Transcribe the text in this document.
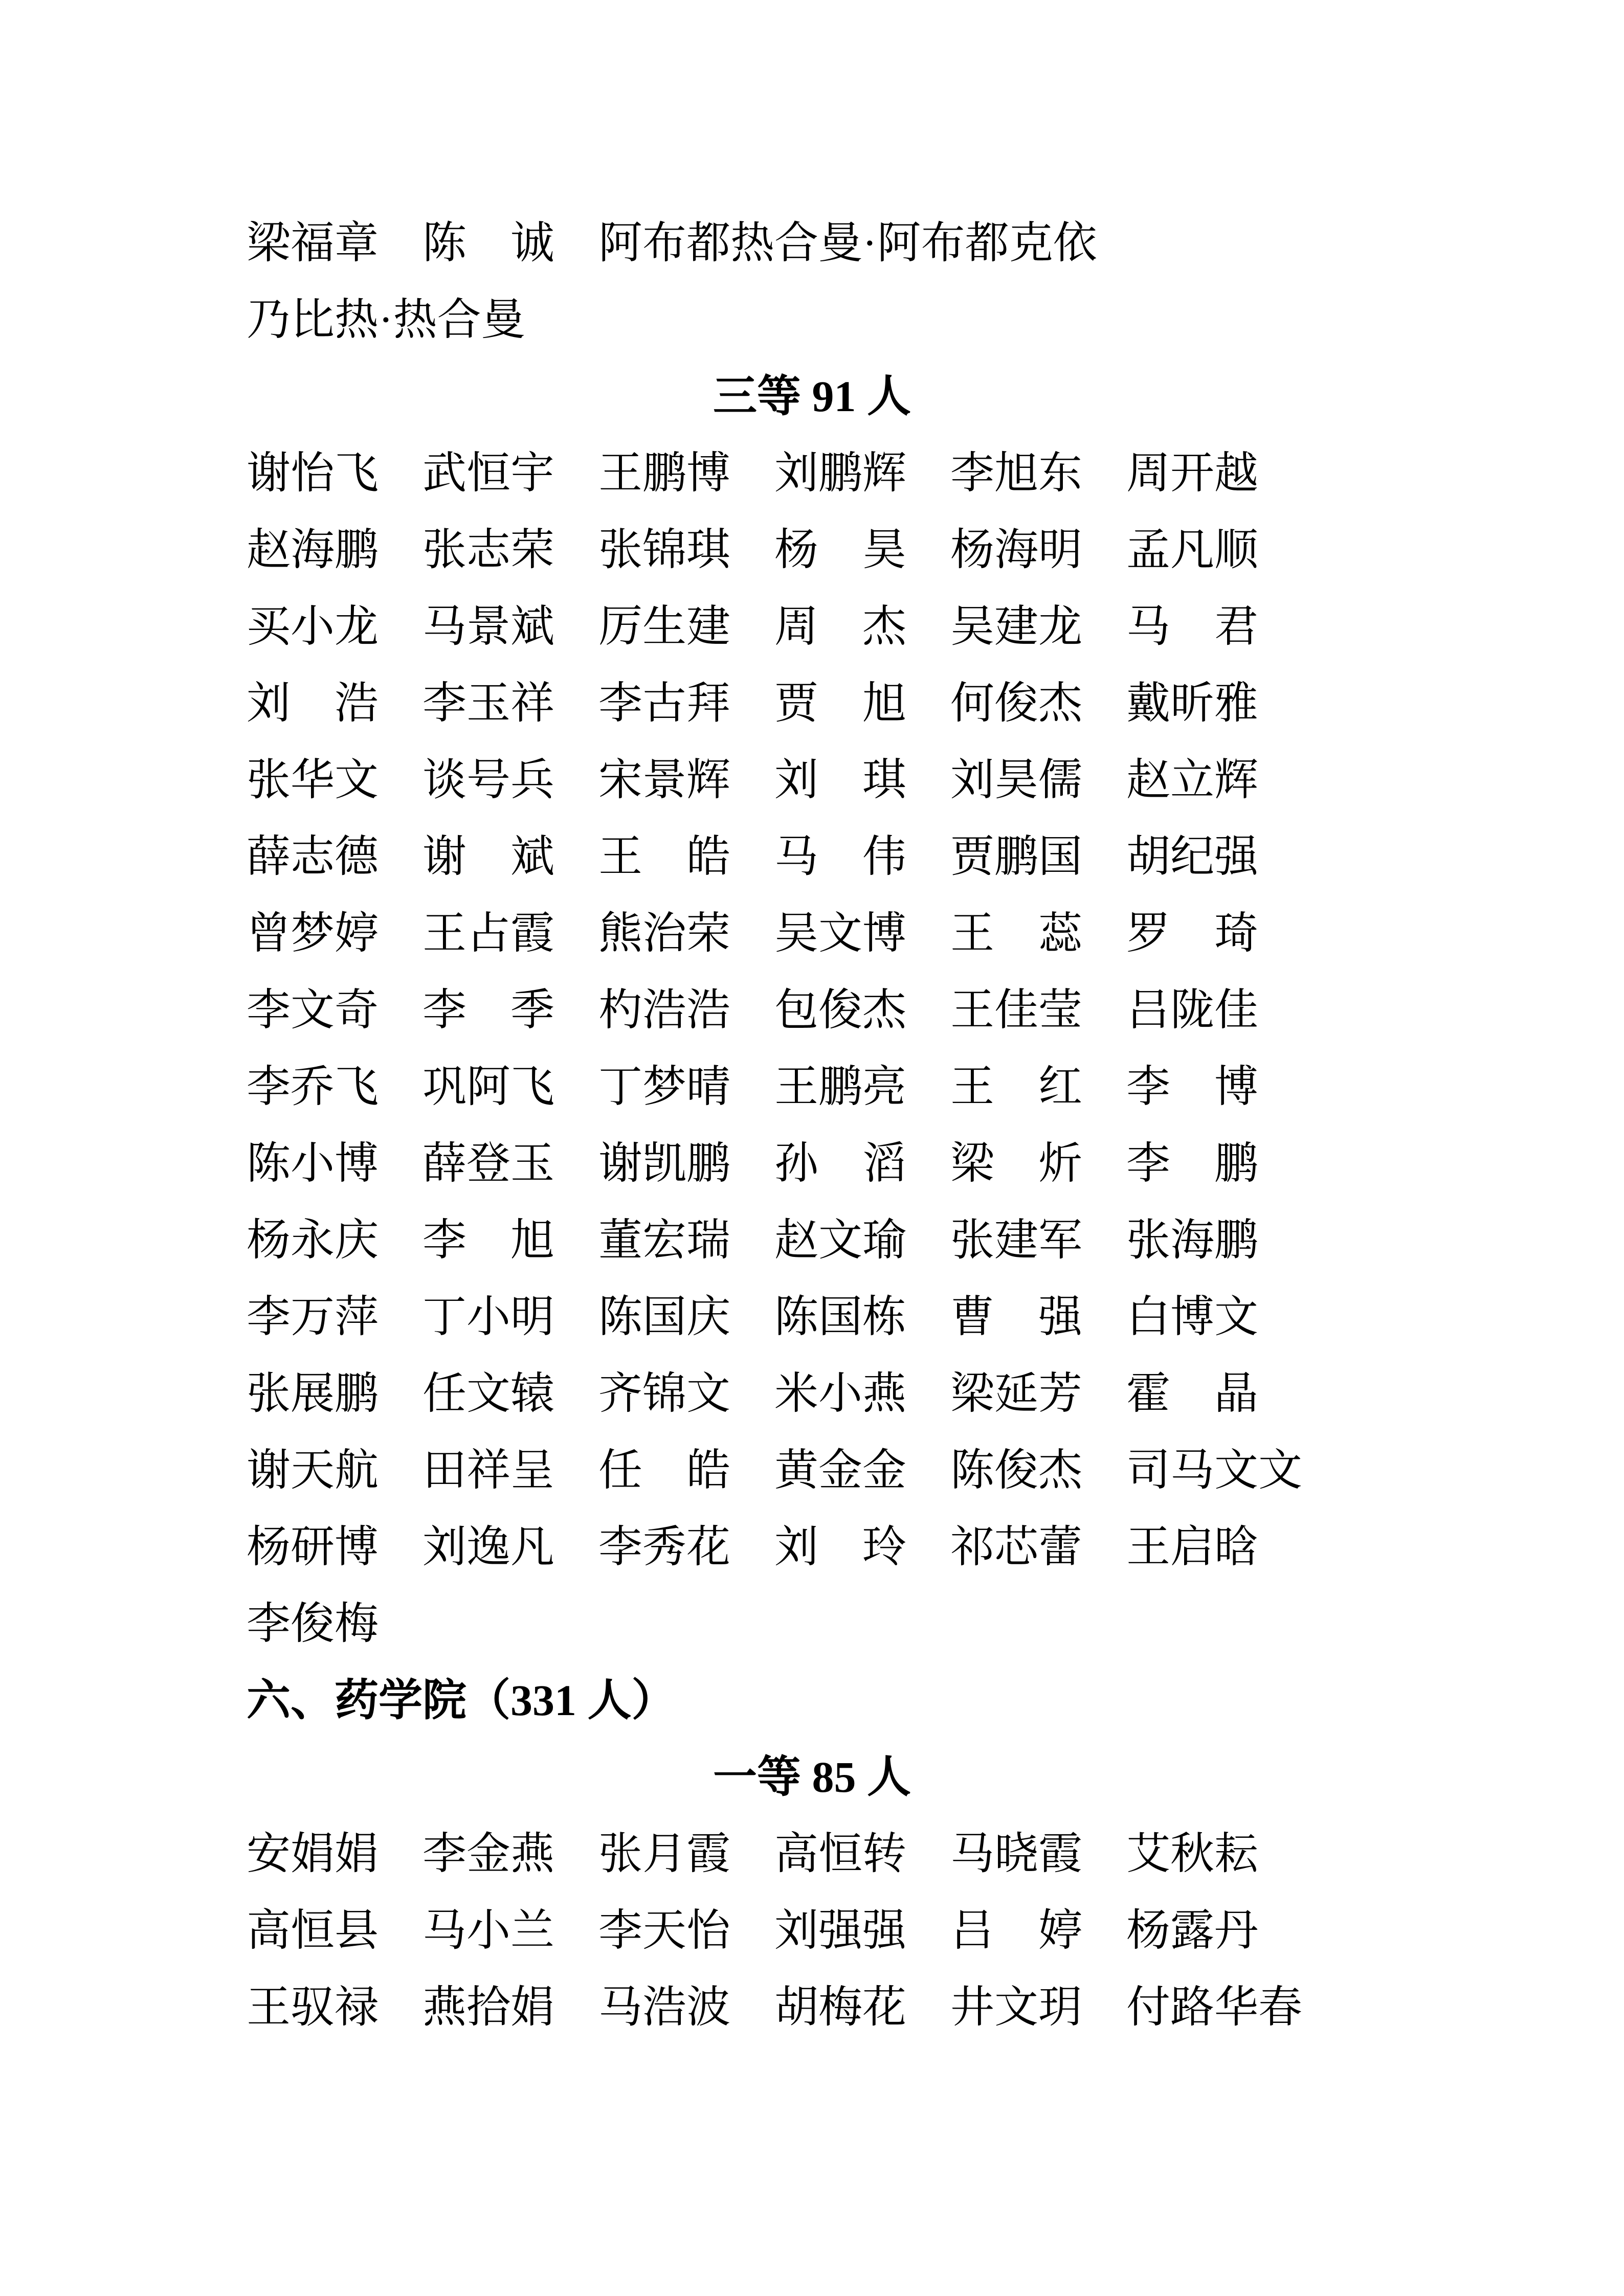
梁福章 陈　诚 阿布都热合曼·阿布都克依
乃比热·热合曼
三等 91 人
谢怡飞 武恒宇 王鹏博 刘鹏辉 李旭东 周开越
赵海鹏 张志荣 张锦琪 杨　昊 杨海明 孟凡顺
买小龙 马景斌 厉生建 周　杰 吴建龙 马　君
刘　浩 李玉祥 李古拜 贾　旭 何俊杰 戴昕雅
张华文 谈号兵 宋景辉 刘　琪 刘昊儒 赵立辉
薛志德 谢　斌 王　皓 马　伟 贾鹏国 胡纪强
曾梦婷 王占霞 熊治荣 吴文博 王　蕊 罗　琦
李文奇 李　季 杓浩浩 包俊杰 王佳莹 吕陇佳
李乔飞 巩阿飞 丁梦晴 王鹏亮 王　红 李　博
陈小博 薛登玉 谢凯鹏 孙　滔 梁　炘 李　鹏
杨永庆 李　旭 董宏瑞 赵文瑜 张建军 张海鹏
李万萍 丁小明 陈国庆 陈国栋 曹　强 白博文
张展鹏 任文辕 齐锦文 米小燕 梁延芳 霍　晶
谢天航 田祥呈 任　皓 黄金金 陈俊杰 司马文文
杨研博 刘逸凡 李秀花 刘　玲 祁芯蕾 王启晗
李俊梅
六、药学院（331 人）
一等 85 人
安娟娟 李金燕 张月霞 高恒转 马晓霞 艾秋耘
高恒县 马小兰 李天怡 刘强强 吕　婷 杨露丹
王驭禄 燕拾娟 马浩波 胡梅花 井文玥 付路华春
